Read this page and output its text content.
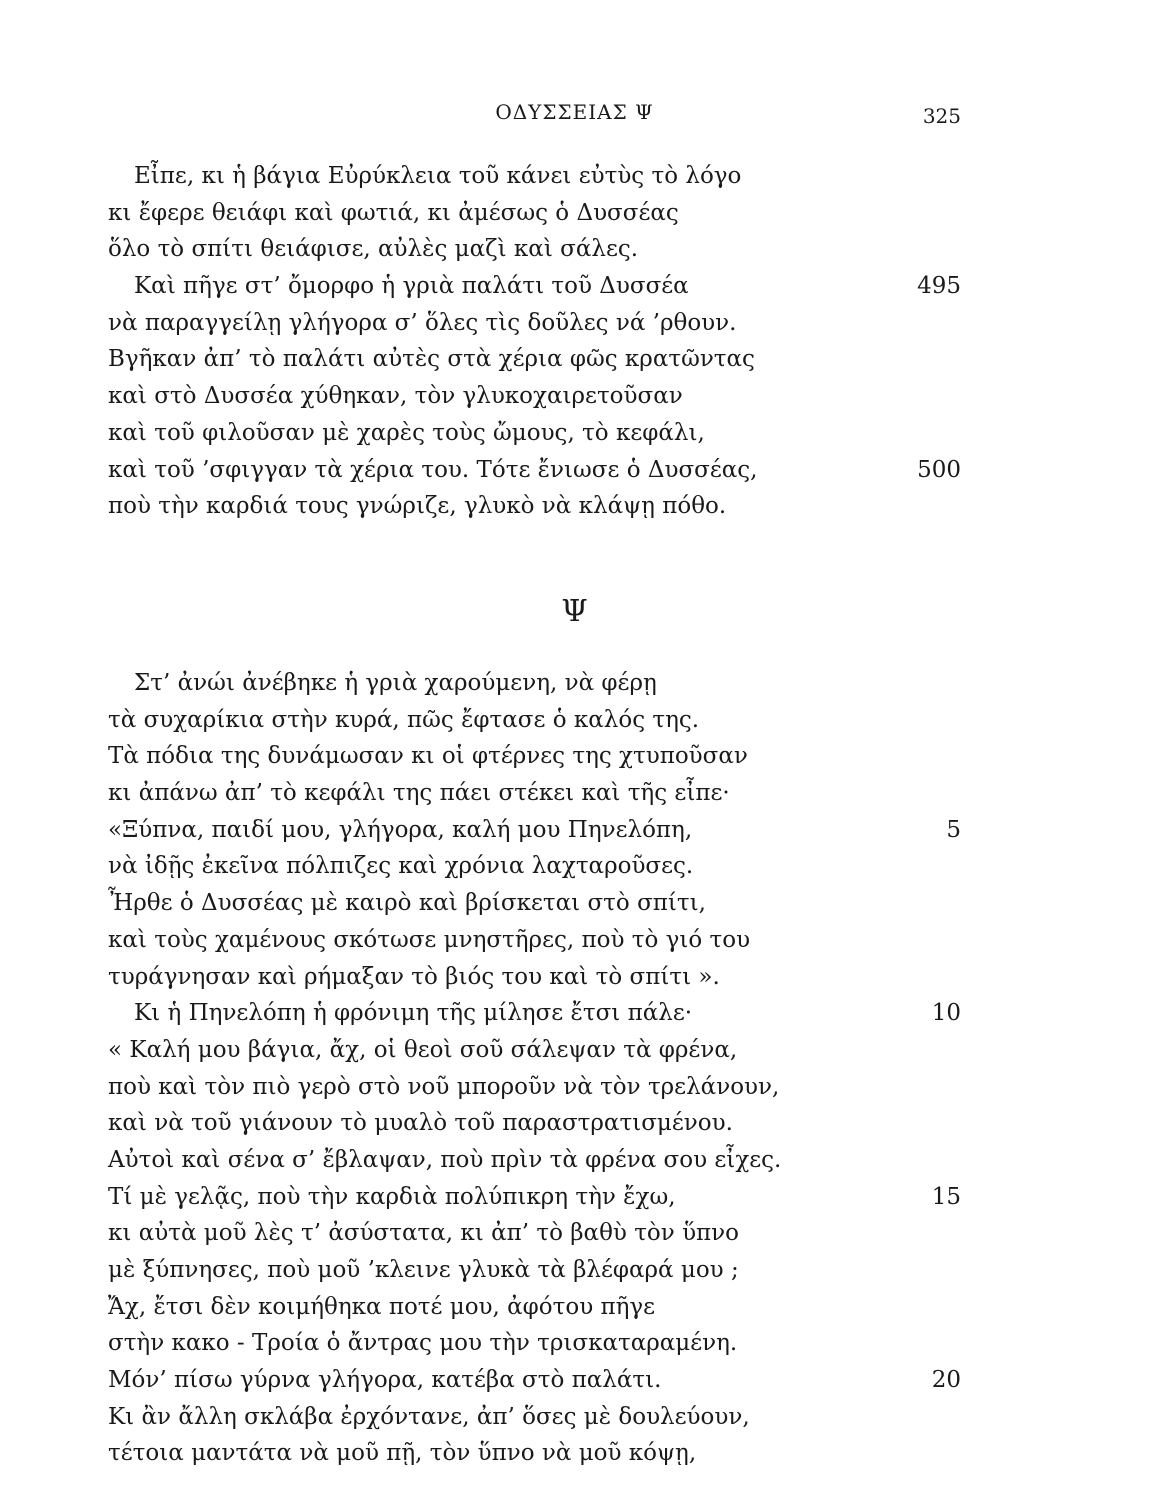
ΟΔΥΣΣΕΙΑΣ Ψ	325
Εἶπε, κι ἡ βάγια Εὐρύκλεια τοῦ κάνει εὐτὺς τὸ λόγο
κι ἔφερε θειάφι καὶ φωτιά, κι ἀμέσως ὁ Δυσσέας
ὅλο τὸ σπίτι θειάφισε, αὐλὲς μαζὶ καὶ σάλες.
Καὶ πῆγε στ’ ὄμορφο ἡ γριὰ παλάτι τοῦ Δυσσέα	495
νὰ παραγγείλῃ γλήγορα σ’ ὅλες τὶς δοῦλες νά ’ρθουν.
Βγῆκαν ἀπ’ τὸ παλάτι αὐτὲς στὰ χέρια φῶς κρατῶντας
καὶ στὸ Δυσσέα χύθηκαν, τὸν γλυκοχαιρετοῦσαν
καὶ τοῦ φιλοῦσαν μὲ χαρὲς τοὺς ὤμους, τὸ κεφάλι,
καὶ τοῦ ’σφιγγαν τὰ χέρια του. Τότε ἔνιωσε ὁ Δυσσέας,	500
ποὺ τὴν καρδιά τους γνώριζε, γλυκὸ νὰ κλάψῃ πόθο.
Ψ
Στ’ ἀνώι ἀνέβηκε ἡ γριὰ χαρούμενη, νὰ φέρῃ
τὰ συχαρίκια στὴν κυρά, πῶς ἔφτασε ὁ καλός της.
Τὰ πόδια της δυνάμωσαν κι οἱ φτέρνες της χτυποῦσαν
κι ἀπάνω ἀπ’ τὸ κεφάλι της πάει στέκει καὶ τῆς εἶπε·
«Ξύπνα, παιδί μου, γλήγορα, καλή μου Πηνελόπη,	5
νὰ ἰδῇς ἐκεῖνα πόλπιζες καὶ χρόνια λαχταροῦσες.
Ἦρθε ὁ Δυσσέας μὲ καιρὸ καὶ βρίσκεται στὸ σπίτι,
καὶ τοὺς χαμένους σκότωσε μνηστῆρες, ποὺ τὸ γιό του
τυράγνησαν καὶ ρήμαξαν τὸ βιός του καὶ τὸ σπίτι ».
Κι ἡ Πηνελόπη ἡ φρόνιμη τῆς μίλησε ἔτσι πάλε·	10
« Καλή μου βάγια, ἄχ, οἱ θεοὶ σοῦ σάλεψαν τὰ φρένα,
ποὺ καὶ τὸν πιὸ γερὸ στὸ νοῦ μποροῦν νὰ τὸν τρελάνουν,
καὶ νὰ τοῦ γιάνουν τὸ μυαλὸ τοῦ παραστρατισμένου.
Αὐτοὶ καὶ σένα σ’ ἔβλαψαν, ποὺ πρὶν τὰ φρένα σου εἶχες.
Τί μὲ γελᾷς, ποὺ τὴν καρδιὰ πολύπικρη τὴν ἔχω,	15
κι αὐτὰ μοῦ λὲς τ’ ἀσύστατα, κι ἀπ’ τὸ βαθὺ τὸν ὕπνο
μὲ ξύπνησες, ποὺ μοῦ ’κλεινε γλυκὰ τὰ βλέφαρά μου ;
Ἄχ, ἔτσι δὲν κοιμήθηκα ποτέ μου, ἀφότου πῆγε
στὴν κακο - Τροία ὁ ἄντρας μου τὴν τρισκαταραμένη.
Μόν’ πίσω γύρνα γλήγορα, κατέβα στὸ παλάτι.	20
Κι ἂν ἄλλη σκλάβα ἐρχόντανε, ἀπ’ ὅσες μὲ δουλεύουν,
τέτοια μαντάτα νὰ μοῦ πῇ, τὸν ὕπνο νὰ μοῦ κόψῃ,
